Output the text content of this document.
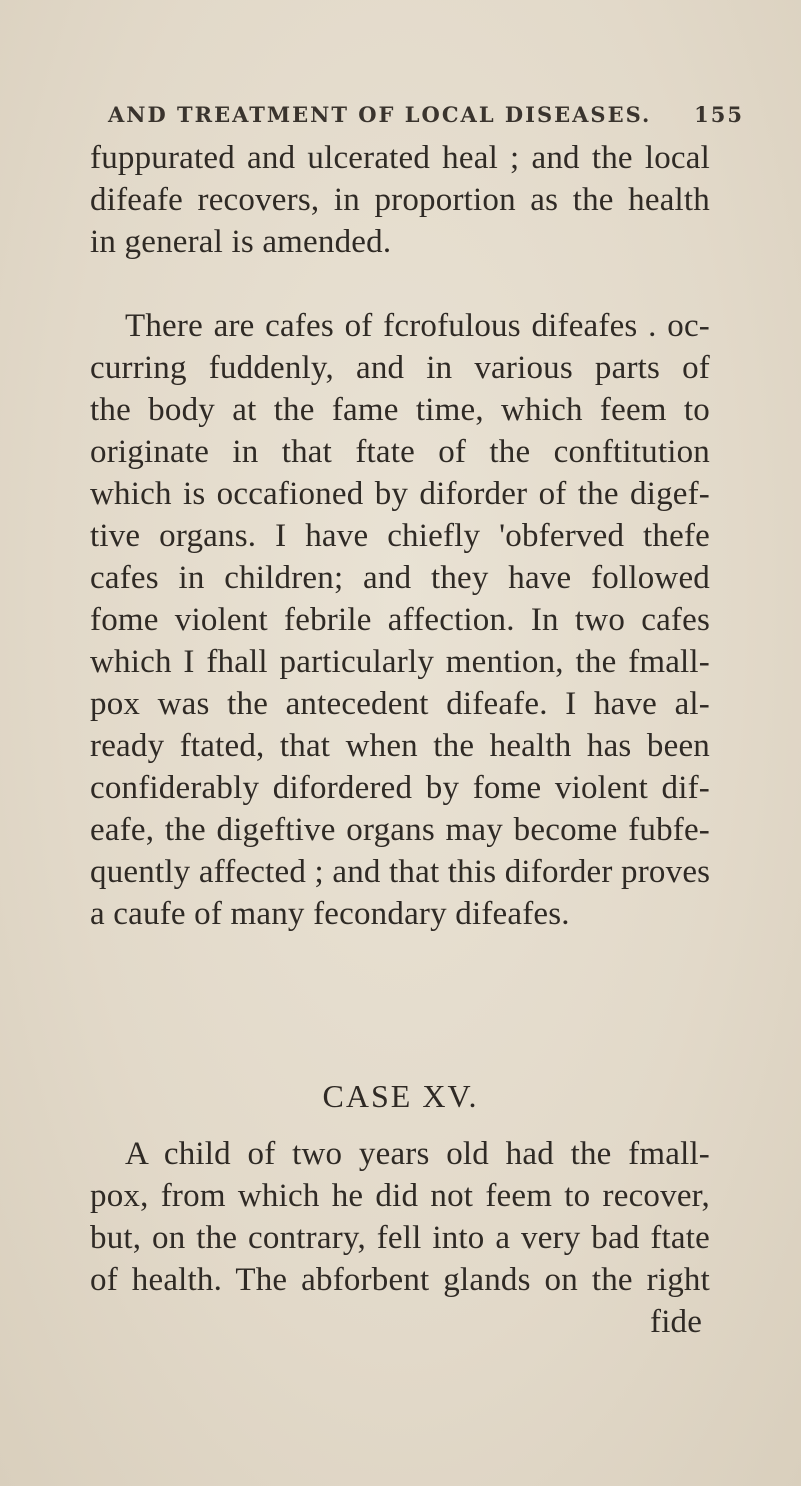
AND TREATMENT OF LOCAL DISEASES. 155
fuppurated and ulcerated heal ; and the local
difeafe recovers, in proportion as the health
in general is amended.
There are cafes of fcrofulous difeafes . oc-
curring fuddenly, and in various parts of
the body at the fame time, which feem to
originate in that ftate of the conftitution
which is occafioned by diforder of the digef-
tive organs. I have chiefly 'obferved thefe
cafes in children; and they have followed
fome violent febrile affection. In two cafes
which I fhall particularly mention, the fmall-
pox was the antecedent difeafe. I have al-
ready ftated, that when the health has been
confiderably difordered by fome violent dif-
eafe, the digeftive organs may become fubfe-
quently affected ; and that this diforder proves
a caufe of many fecondary difeafes.
CASE XV.
A child of two years old had the fmall-
pox, from which he did not feem to recover,
but, on the contrary, fell into a very bad ftate
of health. The abforbent glands on the right
fide
